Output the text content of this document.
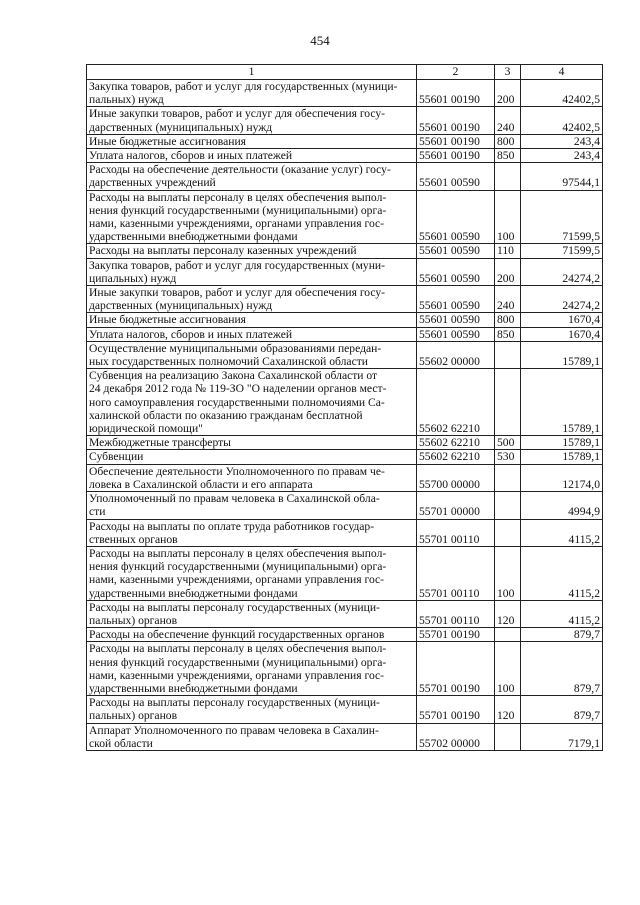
454
1	2	3	4
Закупка товаров, работ и услуг для государственных (муници-
пальных) нужд	55601 00190	200	42402,5
Иные закупки товаров, работ и услуг для обеспечения госу-
дарственных (муниципальных) нужд	55601 00190	240	42402,5
Иные бюджетные ассигнования	55601 00190	800	243,4
Уплата налогов, сборов и иных платежей	55601 00190	850	243,4
Расходы на обеспечение деятельности (оказание услуг) госу-
дарственных учреждений	55601 00590		97544,1
Расходы на выплаты персоналу в целях обеспечения выпол-
нения функций государственными (муниципальными) орга-
нами, казенными учреждениями, органами управления гос-
ударственными внебюджетными фондами	55601 00590	100	71599,5
Расходы на выплаты персоналу казенных учреждений	55601 00590	110	71599,5
Закупка товаров, работ и услуг для государственных (муни-
ципальных) нужд	55601 00590	200	24274,2
Иные закупки товаров, работ и услуг для обеспечения госу-
дарственных (муниципальных) нужд	55601 00590	240	24274,2
Иные бюджетные ассигнования	55601 00590	800	1670,4
Уплата налогов, сборов и иных платежей	55601 00590	850	1670,4
Осуществление муниципальными образованиями передан-
ных государственных полномочий Сахалинской области	55602 00000		15789,1
Субвенция на реализацию Закона Сахалинской области от
24 декабря 2012 года № 119-ЗО "О наделении органов мест-
ного самоуправления государственными полномочиями Са-
халинской области по оказанию гражданам бесплатной
юридической помощи"	55602 62210		15789,1
Межбюджетные трансферты	55602 62210	500	15789,1
Субвенции	55602 62210	530	15789,1
Обеспечение деятельности Уполномоченного по правам че-
ловека в Сахалинской области и его аппарата	55700 00000		12174,0
Уполномоченный по правам человека в Сахалинской обла-
сти	55701 00000		4994,9
Расходы на выплаты по оплате труда работников государ-
ственных органов	55701 00110		4115,2
Расходы на выплаты персоналу в целях обеспечения выпол-
нения функций государственными (муниципальными) орга-
нами, казенными учреждениями, органами управления гос-
ударственными внебюджетными фондами	55701 00110	100	4115,2
Расходы на выплаты персоналу государственных (муници-
пальных) органов	55701 00110	120	4115,2
Расходы на обеспечение функций государственных органов	55701 00190		879,7
Расходы на выплаты персоналу в целях обеспечения выпол-
нения функций государственными (муниципальными) орга-
нами, казенными учреждениями, органами управления гос-
ударственными внебюджетными фондами	55701 00190	100	879,7
Расходы на выплаты персоналу государственных (муници-
пальных) органов	55701 00190	120	879,7
Аппарат Уполномоченного по правам человека в Сахалин-
ской области	55702 00000		7179,1
